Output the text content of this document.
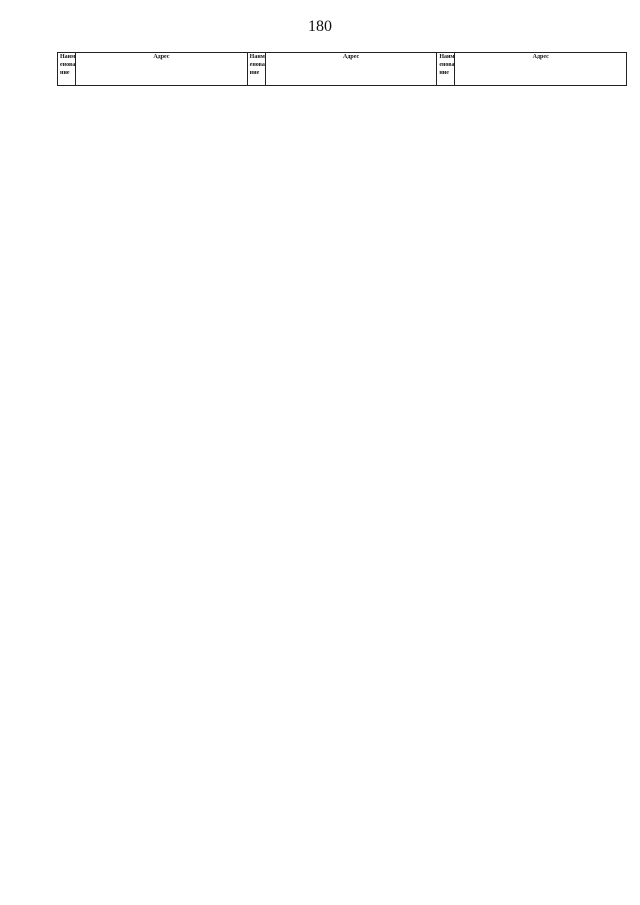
180
Наим енова ние	Адрес	Наим енова ние	Адрес	Наим енова ние	Адрес
